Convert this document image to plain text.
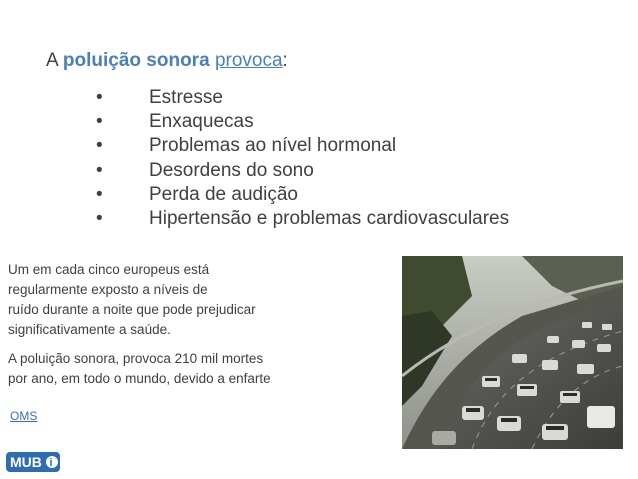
A poluição sonora provoca:
• Estresse
• Enxaquecas
• Problemas ao nível hormonal
• Desordens do sono
• Perda de audição
• Hipertensão e problemas cardiovasculares
Um em cada cinco europeus está
regularmente exposto a níveis de
ruído durante a noite que pode prejudicar
significativamente a saúde.
A poluição sonora, provoca 210 mil mortes
por ano, em todo o mundo, devido a enfarte
OMS
MUB i
